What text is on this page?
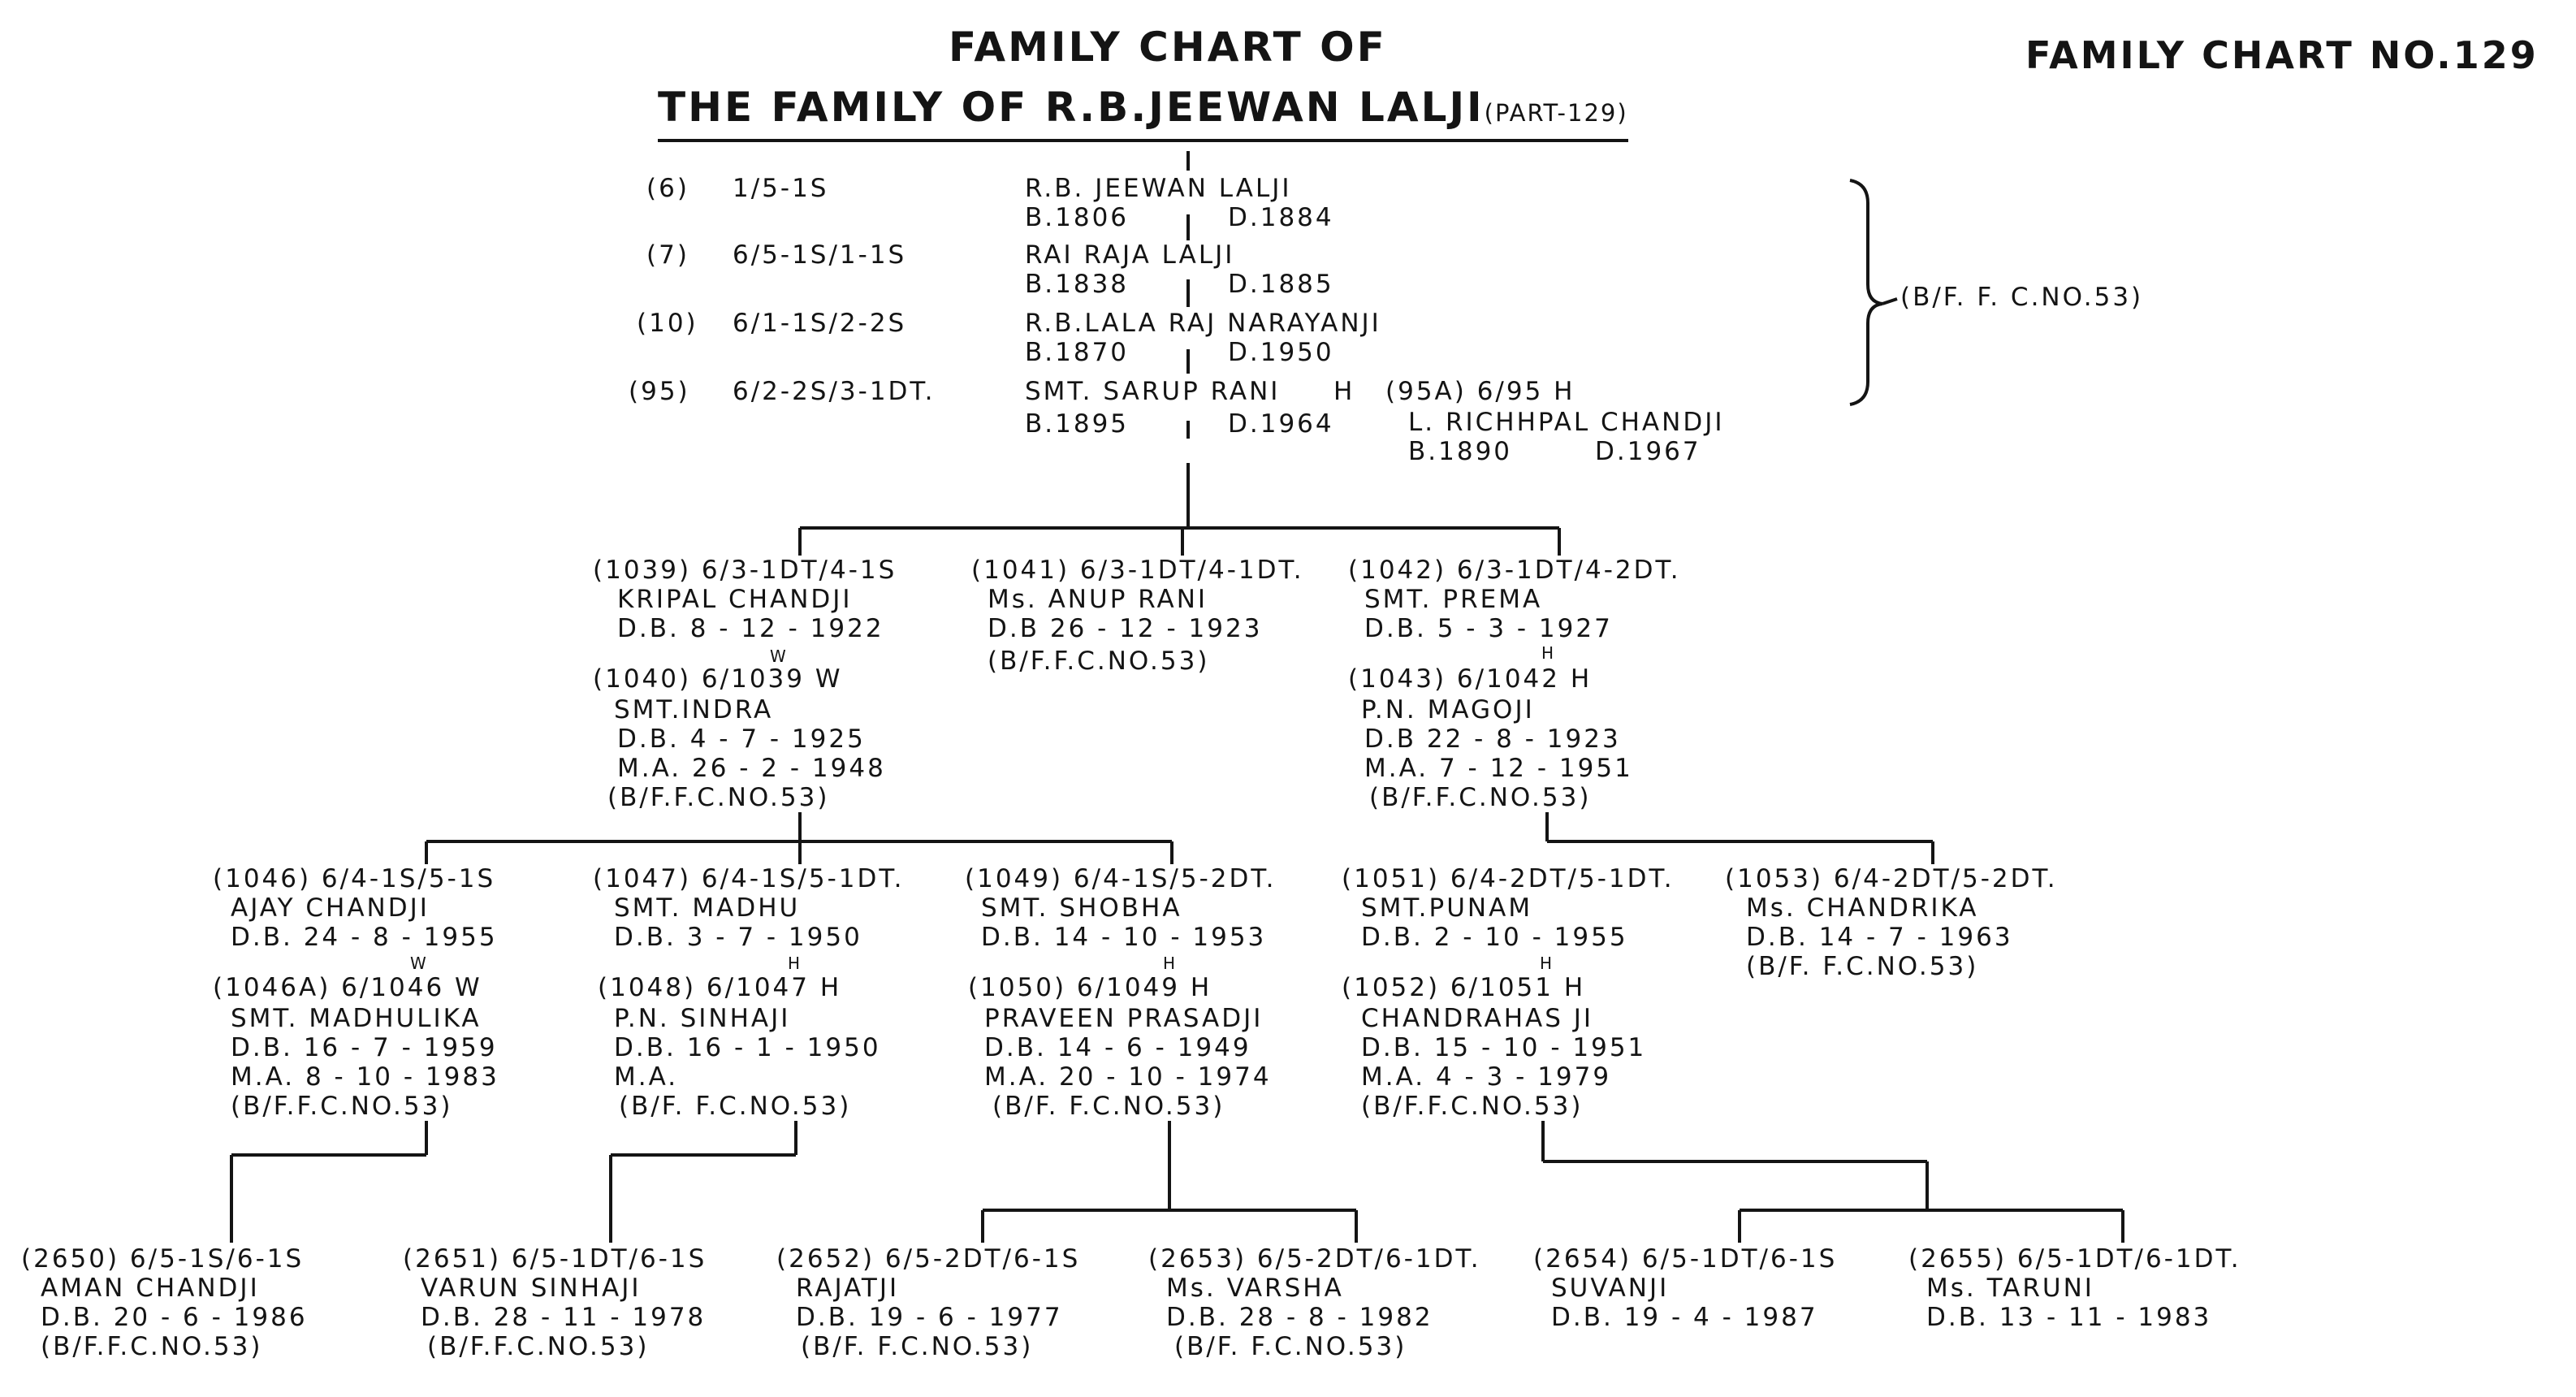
FAMILY CHART OF
THE FAMILY OF R.B.JEEWAN LALJI(PART-129)
FAMILY CHART NO.129
(6) 1/5-1S	R.B. JEEWAN LALJI
B.1806	D.1884
(7) 6/5-1S/1-1S	RAI RAJA LALJI
B.1838	D.1885
(10) 6/1-1S/2-2S	R.B.LALA RAJ NARAYANJI
B.1870	D.1950
(95) 6/2-2S/3-1DT.	SMT. SARUP RANI H
B.1895	D.1964
(95A) 6/95 H
L. RICHHPAL CHANDJI
B.1890	D.1967
(B/F. F. C.NO.53)
(1039) 6/3-1DT/4-1S
KRIPAL CHANDJI
D.B. 8 - 12 - 1922
W
(1041) 6/3-1DT/4-1DT.
Ms. ANUP RANI
D.B 26 - 12 - 1923
(B/F.F.C.NO.53)
(1042) 6/3-1DT/4-2DT.
SMT. PREMA
D.B. 5 - 3 - 1927
H
(1040) 6/1039 W
SMT.INDRA
D.B. 4 - 7 - 1925
M.A. 26 - 2 - 1948
(B/F.F.C.NO.53)
(1043) 6/1042 H
P.N. MAGOJI
D.B 22 - 8 - 1923
M.A. 7 - 12 - 1951
(B/F.F.C.NO.53)
(1046) 6/4-1S/5-1S
AJAY CHANDJI
D.B. 24 - 8 - 1955
W
(1046A) 6/1046 W
SMT. MADHULIKA
D.B. 16 - 7 - 1959
M.A. 8 - 10 - 1983
(B/F.F.C.NO.53)
(1047) 6/4-1S/5-1DT.
SMT. MADHU
D.B. 3 - 7 - 1950
H
(1048) 6/1047 H
P.N. SINHAJI
D.B. 16 - 1 - 1950
M.A.
(B/F. F.C.NO.53)
(1049) 6/4-1S/5-2DT.
SMT. SHOBHA
D.B. 14 - 10 - 1953
H
(1050) 6/1049 H
PRAVEEN PRASADJI
D.B. 14 - 6 - 1949
M.A. 20 - 10 - 1974
(B/F. F.C.NO.53)
(1051) 6/4-2DT/5-1DT.
SMT.PUNAM
D.B. 2 - 10 - 1955
H
(1052) 6/1051 H
CHANDRAHAS JI
D.B. 15 - 10 - 1951
M.A. 4 - 3 - 1979
(B/F.F.C.NO.53)
(1053) 6/4-2DT/5-2DT.
Ms. CHANDRIKA
D.B. 14 - 7 - 1963
(B/F. F.C.NO.53)
(2650) 6/5-1S/6-1S
AMAN CHANDJI
D.B. 20 - 6 - 1986
(B/F.F.C.NO.53)
(2651) 6/5-1DT/6-1S
VARUN SINHAJI
D.B. 28 - 11 - 1978
(B/F.F.C.NO.53)
(2652) 6/5-2DT/6-1S
RAJATJI
D.B. 19 - 6 - 1977
(B/F. F.C.NO.53)
(2653) 6/5-2DT/6-1DT.
Ms. VARSHA
D.B. 28 - 8 - 1982
(B/F. F.C.NO.53)
(2654) 6/5-1DT/6-1S
SUVANJI
D.B. 19 - 4 - 1987
(2655) 6/5-1DT/6-1DT.
Ms. TARUNI
D.B. 13 - 11 - 1983
